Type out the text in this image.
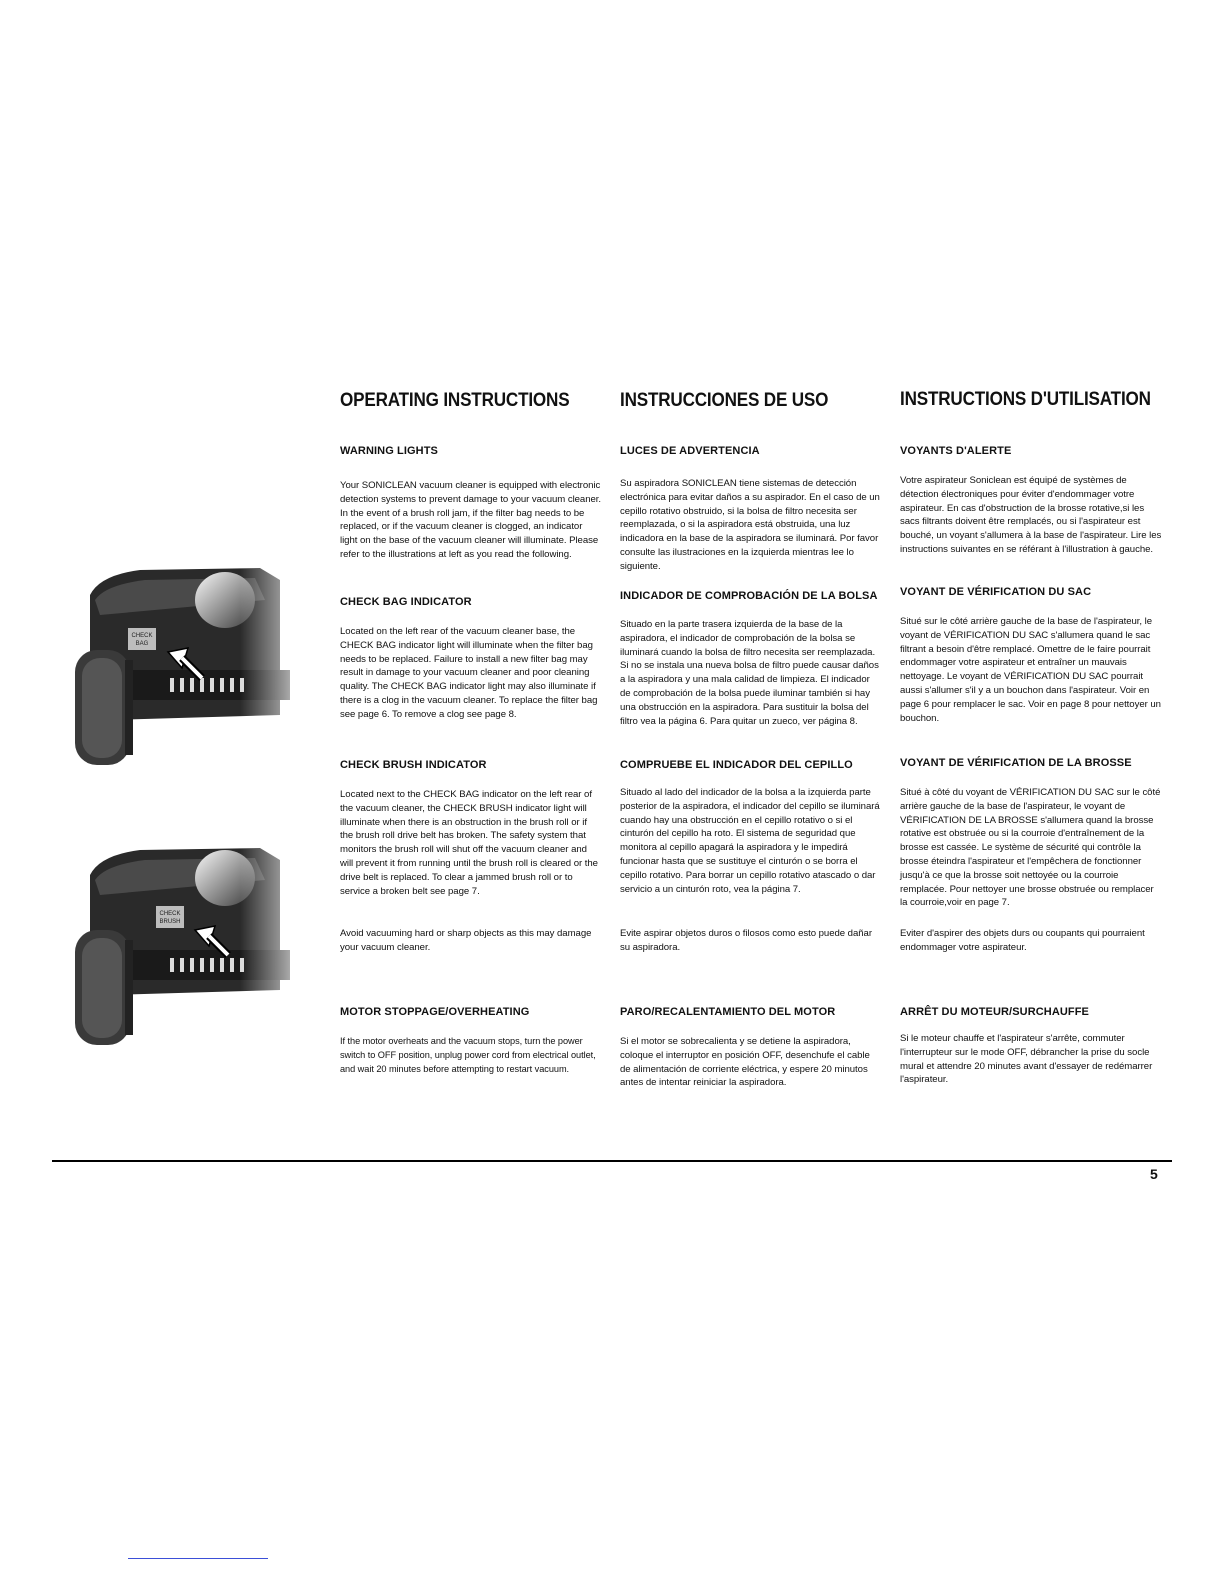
CHECK
BAG
CHECK
BRUSH
OPERATING INSTRUCTIONS
WARNING LIGHTS

Your SONICLEAN vacuum cleaner is equipped with electronic detection systems to prevent damage to your vacuum cleaner. In the event of a brush roll jam, if the filter bag needs to be replaced, or if the vacuum cleaner is clogged, an indicator light on the base of the vacuum cleaner will illuminate. Please refer to the illustrations at left as you read the following.

CHECK BAG INDICATOR

Located on the left rear of the vacuum cleaner base, the CHECK BAG indicator light will illuminate when the filter bag needs to be replaced. Failure to install a new filter bag may result in damage to your vacuum cleaner and poor cleaning quality. The CHECK BAG indicator light may also illuminate if there is a clog in the vacuum cleaner. To replace the filter bag see page 6. To remove a clog see page 8.

CHECK BRUSH INDICATOR

Located next to the CHECK BAG indicator on the left rear of the vacuum cleaner, the CHECK BRUSH indicator light will illuminate when there is an obstruction in the brush roll or if the brush roll drive belt has broken. The safety system that monitors the brush roll will shut off the vacuum cleaner and will prevent it from running until the brush roll is cleared or the drive belt is replaced. To clear a jammed brush roll or to service a broken belt see page 7.

Avoid vacuuming hard or sharp objects as this may damage your vacuum cleaner.

MOTOR STOPPAGE/OVERHEATING

If the motor overheats and the vacuum stops, turn the power switch to OFF position, unplug power cord from electrical outlet, and wait 20 minutes before attempting to restart vacuum.

INSTRUCCIONES DE USO
LUCES DE ADVERTENCIA

Su aspiradora SONICLEAN tiene sistemas de detección electrónica para evitar daños a su aspirador. En el caso de un cepillo rotativo obstruido, si la bolsa de filtro necesita ser reemplazada, o si la aspiradora está obstruida, una luz indicadora en la base de la aspiradora se iluminará. Por favor consulte las ilustraciones en la izquierda mientras lee lo siguiente.

INDICADOR DE COMPROBACIÓN DE LA BOLSA

Situado en la parte trasera izquierda de la base de la aspiradora, el indicador de comprobación de la bolsa se iluminará cuando la bolsa de filtro necesita ser reemplazada. Si no se instala una nueva bolsa de filtro puede causar daños a la aspiradora y una mala calidad de limpieza. El indicador de comprobación de la bolsa puede iluminar también si hay una obstrucción en la aspiradora. Para sustituir la bolsa del filtro vea la página 6. Para quitar un zueco, ver página 8.

COMPRUEBE EL INDICADOR DEL CEPILLO

Situado al lado del indicador de la bolsa a la izquierda parte posterior de la aspiradora, el indicador del cepillo se iluminará cuando hay una obstrucción en el cepillo rotativo o si el cinturón del cepillo ha roto. El sistema de seguridad que monitora al cepillo apagará la aspiradora y le impedirá funcionar hasta que se sustituye el cinturón o se borra el cepillo rotativo. Para borrar un cepillo rotativo atascado o dar servicio a un cinturón roto, vea la página 7.

Evite aspirar objetos duros o filosos como esto puede dañar su aspiradora.

PARO/RECALENTAMIENTO DEL MOTOR

Si el motor se sobrecalienta y se detiene la aspiradora, coloque el interruptor en posición OFF, desenchufe el cable de alimentación de corriente eléctrica, y espere 20 minutos antes de intentar reiniciar la aspiradora.

INSTRUCTIONS D'UTILISATION
VOYANTS D'ALERTE

Votre aspirateur Soniclean est équipé de systèmes de détection électroniques pour éviter d'endommager votre aspirateur. En cas d'obstruction de la brosse rotative,si les sacs filtrants doivent être remplacés, ou si l'aspirateur est bouché, un voyant s'allumera à la base de l'aspirateur. Lire les instructions suivantes en se référant à l'illustration à gauche.

VOYANT DE VÉRIFICATION DU SAC

Situé sur le côté arrière gauche de la base de l'aspirateur, le voyant de VÉRIFICATION DU SAC s'allumera quand le sac filtrant a besoin d'être remplacé. Omettre de le faire pourrait endommager votre aspirateur et entraîner un mauvais nettoyage. Le voyant de VÉRIFICATION DU SAC pourrait aussi s'allumer s'il y a un bouchon dans l'aspirateur. Voir en page 6 pour remplacer le sac. Voir en page 8 pour nettoyer un bouchon.

VOYANT DE VÉRIFICATION DE LA BROSSE

Situé à côté du voyant de VÉRIFICATION DU SAC sur le côté arrière gauche de la base de l'aspirateur, le voyant de VÉRIFICATION DE LA BROSSE s'allumera quand la brosse rotative est obstruée ou si la courroie d'entraînement de la brosse est cassée. Le système de sécurité qui contrôle la brosse éteindra l'aspirateur et l'empêchera de fonctionner jusqu'à ce que la brosse soit nettoyée ou la courroie remplacée. Pour nettoyer une brosse obstruée ou remplacer la courroie,voir en page 7.

Eviter d'aspirer des objets durs ou coupants qui pourraient endommager votre aspirateur.

ARRÊT DU MOTEUR/SURCHAUFFE

Si le moteur chauffe et l'aspirateur s'arrête, commuter l'interrupteur sur le mode OFF, débrancher la prise du socle mural et attendre 20 minutes avant d'essayer de redémarrer l'aspirateur.

5
